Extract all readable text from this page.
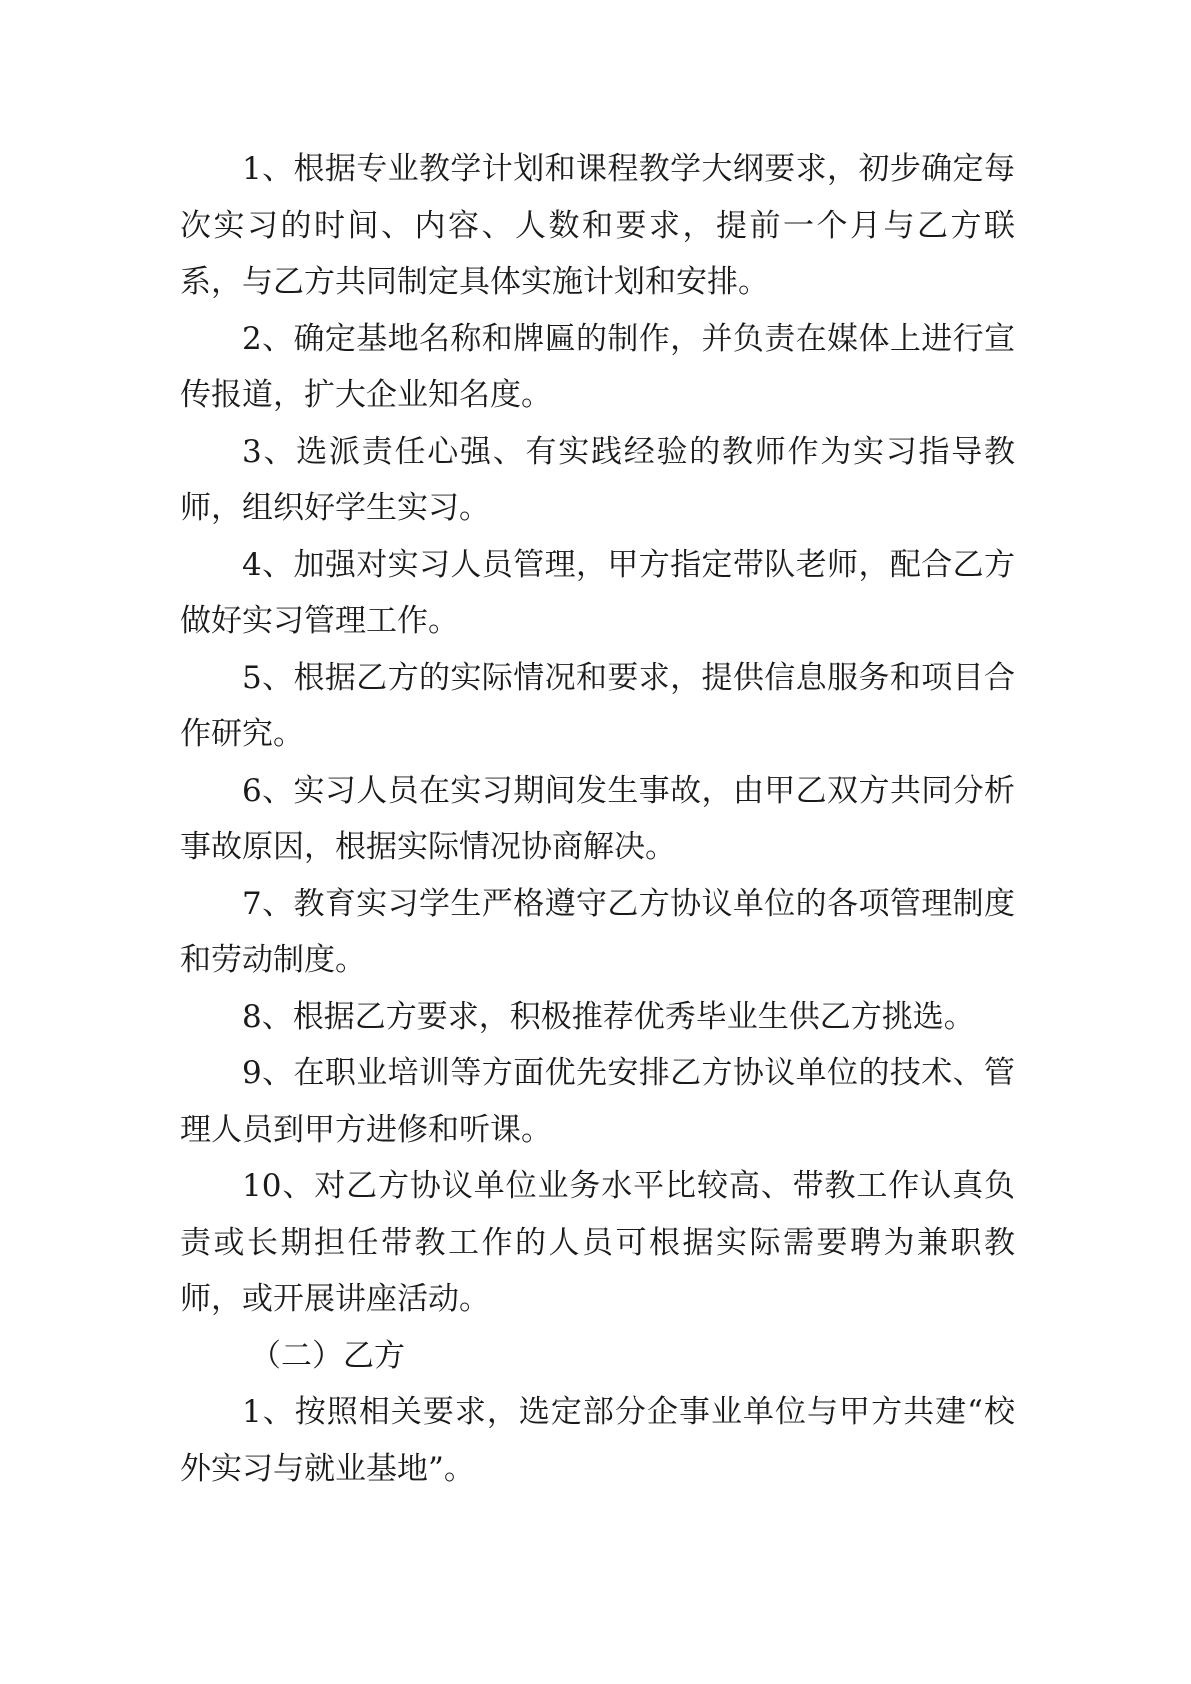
1、根据专业教学计划和课程教学大纲要求，初步确定每次实习的时间、内容、人数和要求，提前一个月与乙方联系，与乙方共同制定具体实施计划和安排。

2、确定基地名称和牌匾的制作，并负责在媒体上进行宣传报道，扩大企业知名度。

3、选派责任心强、有实践经验的教师作为实习指导教师，组织好学生实习。

4、加强对实习人员管理，甲方指定带队老师，配合乙方做好实习管理工作。

5、根据乙方的实际情况和要求，提供信息服务和项目合作研究。

6、实习人员在实习期间发生事故，由甲乙双方共同分析事故原因，根据实际情况协商解决。

7、教育实习学生严格遵守乙方协议单位的各项管理制度和劳动制度。

8、根据乙方要求，积极推荐优秀毕业生供乙方挑选。

9、在职业培训等方面优先安排乙方协议单位的技术、管理人员到甲方进修和听课。

10、对乙方协议单位业务水平比较高、带教工作认真负责或长期担任带教工作的人员可根据实际需要聘为兼职教师，或开展讲座活动。

（二）乙方

1、按照相关要求，选定部分企事业单位与甲方共建“校外实习与就业基地”。
